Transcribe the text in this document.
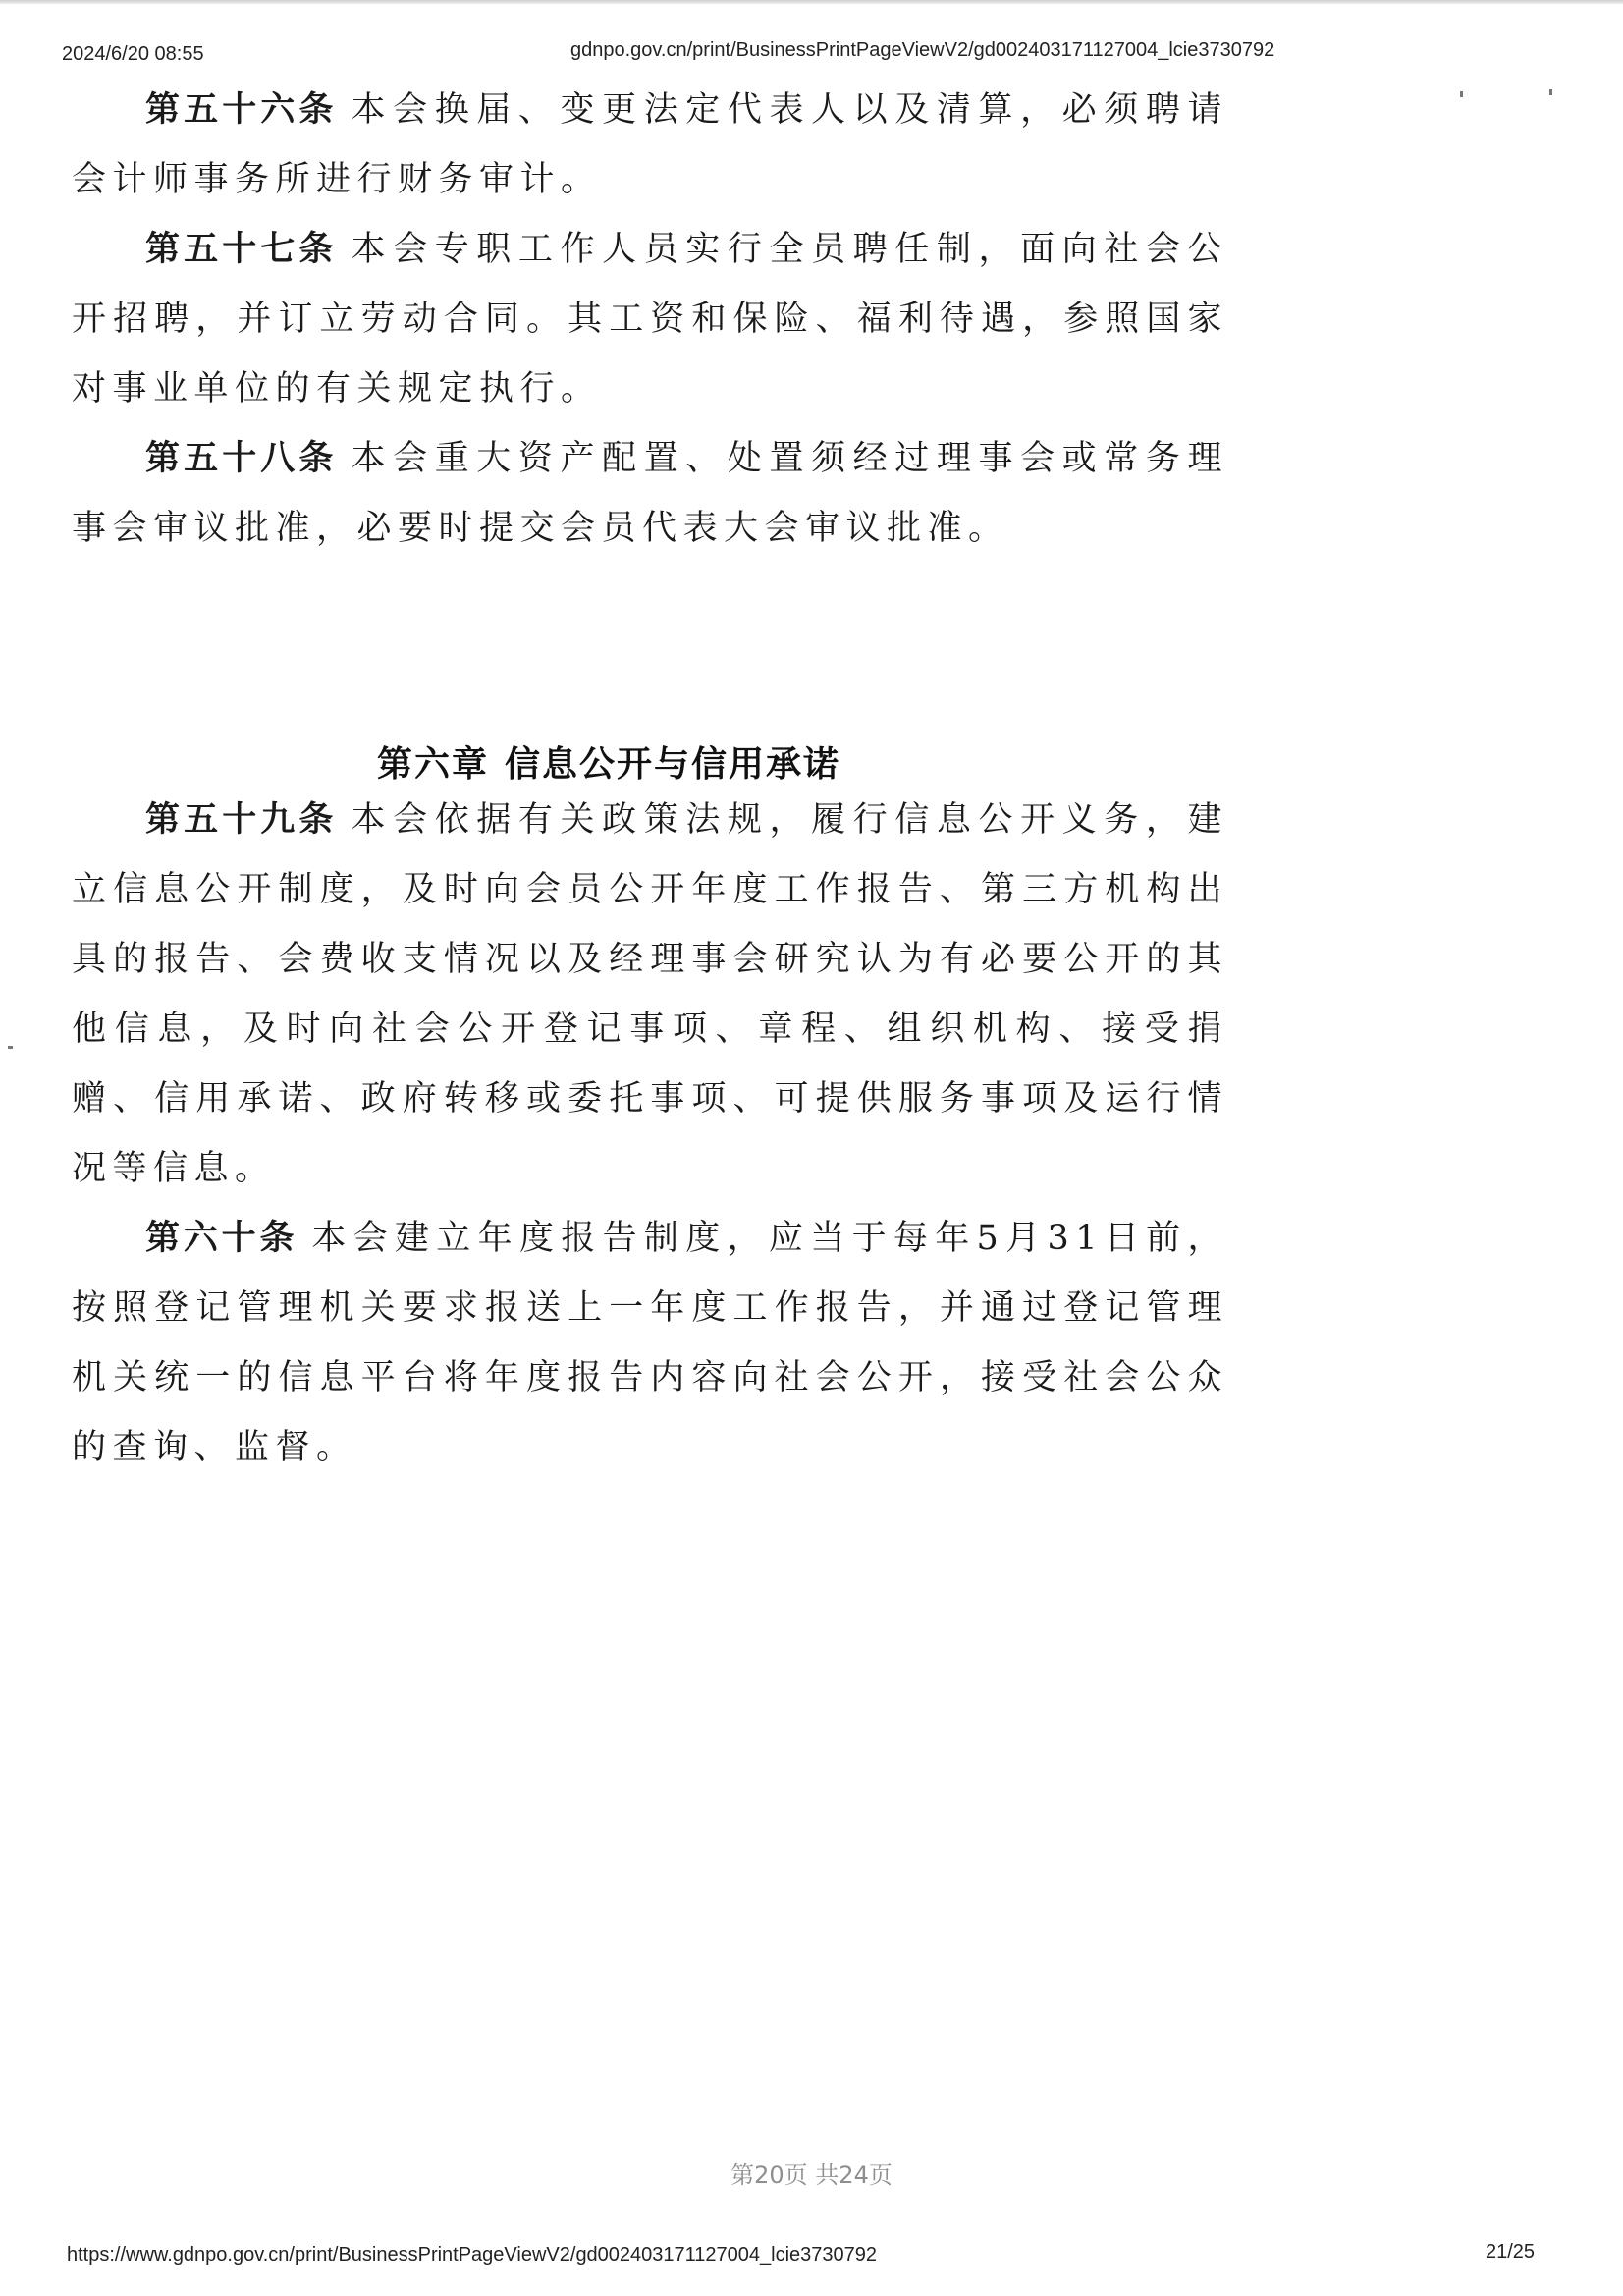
2024/6/20 08:55	gdnpo.gov.cn/print/BusinessPrintPageViewV2/gd002403171127004_lcie3730792

第五十六条 本会换届、变更法定代表人以及清算，必须聘请会计师事务所进行财务审计。

第五十七条 本会专职工作人员实行全员聘任制，面向社会公开招聘，并订立劳动合同。其工资和保险、福利待遇，参照国家对事业单位的有关规定执行。

第五十八条 本会重大资产配置、处置须经过理事会或常务理事会审议批准，必要时提交会员代表大会审议批准。

第六章 信息公开与信用承诺

第五十九条 本会依据有关政策法规，履行信息公开义务，建立信息公开制度，及时向会员公开年度工作报告、第三方机构出具的报告、会费收支情况以及经理事会研究认为有必要公开的其他信息，及时向社会公开登记事项、章程、组织机构、接受捐赠、信用承诺、政府转移或委托事项、可提供服务事项及运行情况等信息。

第六十条 本会建立年度报告制度，应当于每年5月31日前，按照登记管理机关要求报送上一年度工作报告，并通过登记管理机关统一的信息平台将年度报告内容向社会公开，接受社会公众的查询、监督。

第20页 共24页
https://www.gdnpo.gov.cn/print/BusinessPrintPageViewV2/gd002403171127004_lcie3730792	21/25
